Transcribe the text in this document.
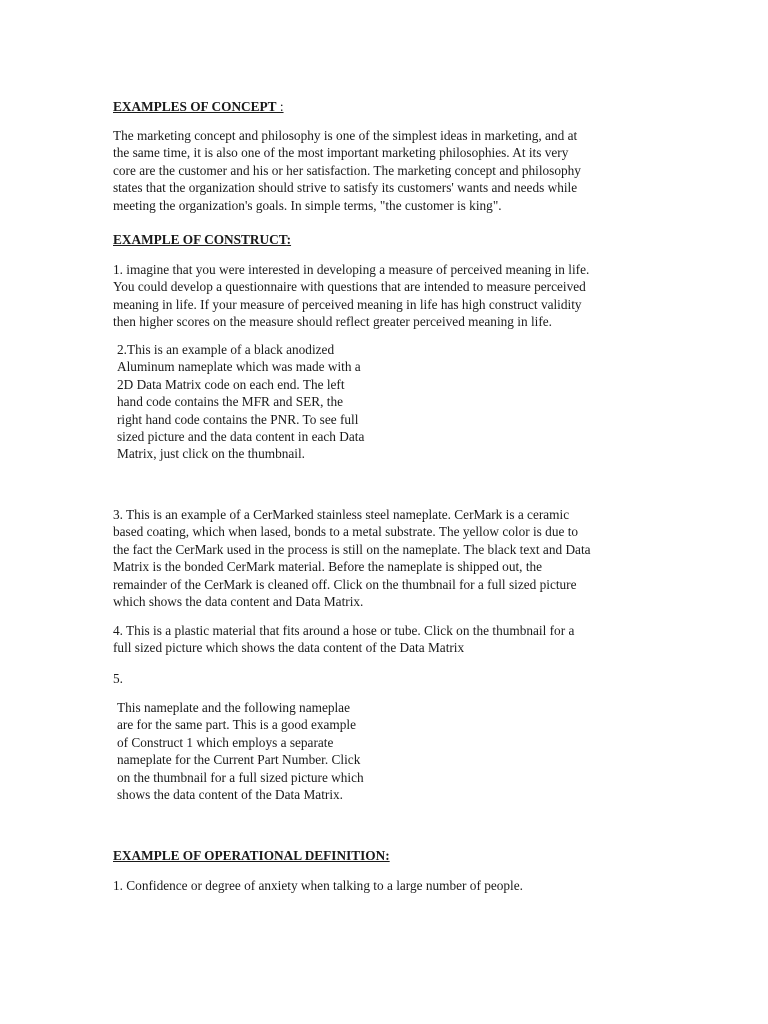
EXAMPLES OF CONCEPT :

The marketing concept and philosophy is one of the simplest ideas in marketing, and at
the same time, it is also one of the most important marketing philosophies. At its very
core are the customer and his or her satisfaction. The marketing concept and philosophy
states that the organization should strive to satisfy its customers' wants and needs while
meeting the organization's goals. In simple terms, "the customer is king".

EXAMPLE OF CONSTRUCT:

1. imagine that you were interested in developing a measure of perceived meaning in life.
You could develop a questionnaire with questions that are intended to measure perceived
meaning in life. If your measure of perceived meaning in life has high construct validity
then higher scores on the measure should reflect greater perceived meaning in life.

2.This is an example of a black anodized
Aluminum nameplate which was made with a
2D Data Matrix code on each end. The left
hand code contains the MFR and SER, the
right hand code contains the PNR. To see full
sized picture and the data content in each Data
Matrix, just click on the thumbnail.

3. This is an example of a CerMarked stainless steel nameplate. CerMark is a ceramic
based coating, which when lased, bonds to a metal substrate. The yellow color is due to
the fact the CerMark used in the process is still on the nameplate. The black text and Data
Matrix is the bonded CerMark material. Before the nameplate is shipped out, the
remainder of the CerMark is cleaned off. Click on the thumbnail for a full sized picture
which shows the data content and Data Matrix.

4. This is a plastic material that fits around a hose or tube. Click on the thumbnail for a
full sized picture which shows the data content of the Data Matrix

5.

This nameplate and the following nameplae
are for the same part. This is a good example
of Construct 1 which employs a separate
nameplate for the Current Part Number. Click
on the thumbnail for a full sized picture which
shows the data content of the Data Matrix.

EXAMPLE OF OPERATIONAL DEFINITION:

1. Confidence or degree of anxiety when talking to a large number of people.
